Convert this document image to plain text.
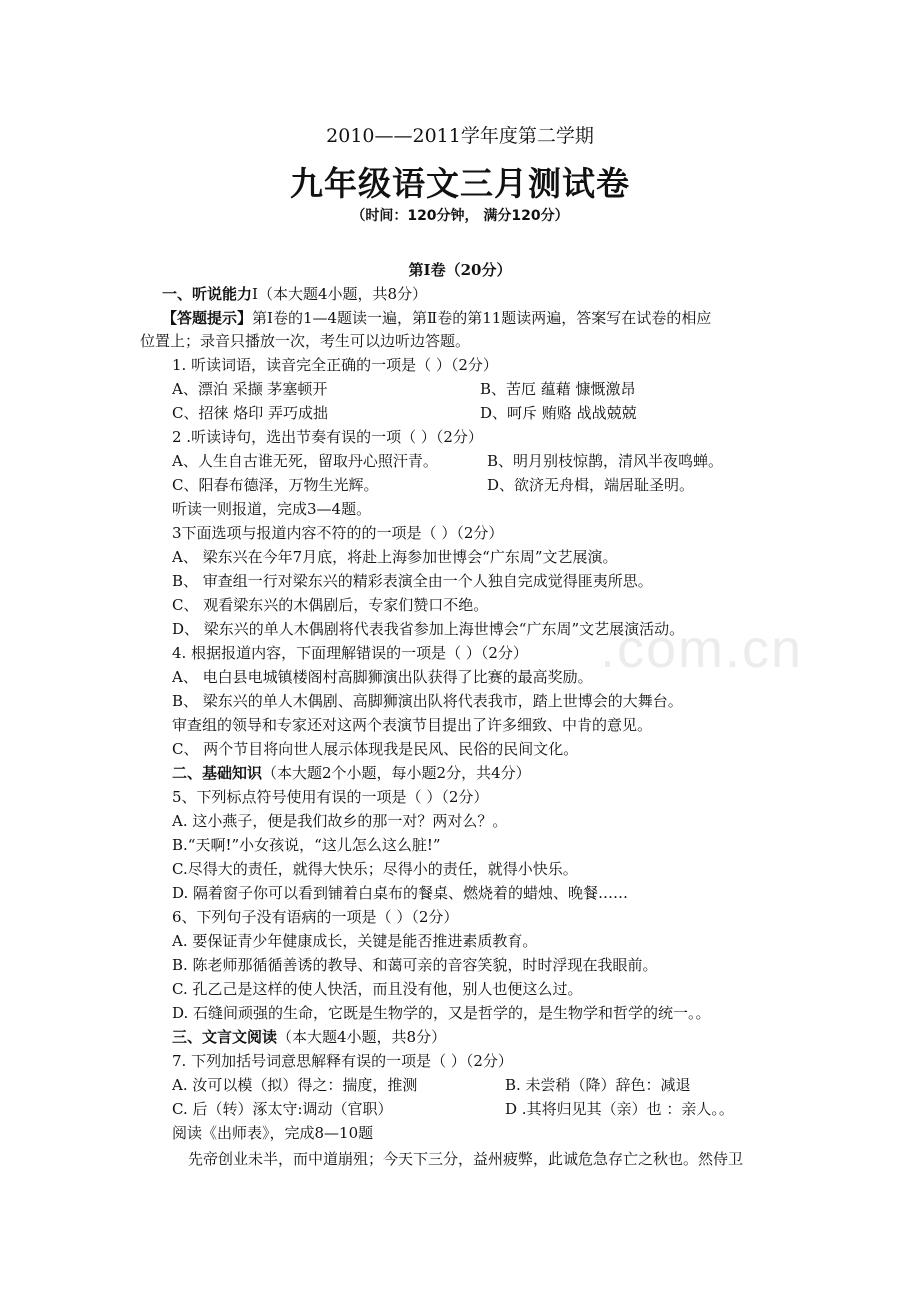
2010——2011学年度第二学期
九年级语文三月测试卷
（时间：120分钟， 满分120分）
第Ⅰ卷（20分）
.com.cn
一、听说能力Ⅰ（本大题4小题，共8分）
【答题提示】第Ⅰ卷的1—4题读一遍，第Ⅱ卷的第11题读两遍，答案写在试卷的相应
位置上；录音只播放一次，考生可以边听边答题。
1. 听读词语，读音完全正确的一项是（ ）（2分）
A、漂泊 采撷 茅塞顿开	B、苦厄 蕴藉 慷慨激昂
C、招徕 烙印 弄巧成拙	D、呵斥 贿赂 战战兢兢
2 .听读诗句，选出节奏有误的一项（ ）（2分）
A、人生自古谁无死，留取丹心照汗青。	B、明月别枝惊鹊，清风半夜鸣蝉。
C、阳春布德泽，万物生光辉。	D、欲济无舟楫，端居耻圣明。
听读一则报道，完成3—4题。
3下面选项与报道内容不符的的一项是（ ）（2分）
A、 梁东兴在今年7月底，将赴上海参加世博会“广东周”文艺展演。
B、 审查组一行对梁东兴的精彩表演全由一个人独自完成觉得匪夷所思。
C、 观看梁东兴的木偶剧后，专家们赞口不绝。
D、 梁东兴的单人木偶剧将代表我省参加上海世博会“广东周”文艺展演活动。
4. 根据报道内容，下面理解错误的一项是（ ）（2分）
A、 电白县电城镇楼阁村高脚狮演出队获得了比赛的最高奖励。
B、 梁东兴的单人木偶剧、高脚狮演出队将代表我市，踏上世博会的大舞台。
审查组的领导和专家还对这两个表演节目提出了许多细致、中肯的意见。
C、 两个节目将向世人展示体现我是民风、民俗的民间文化。
二、基础知识（本大题2个小题，每小题2分，共4分）
5、下列标点符号使用有误的一项是（ ）（2分）
A. 这小燕子，便是我们故乡的那一对？两对么？。
B.“天啊!”小女孩说，“这儿怎么这么脏!”
C.尽得大的责任，就得大快乐；尽得小的责任，就得小快乐。
D. 隔着窗子你可以看到铺着白桌布的餐桌、燃烧着的蜡烛、晚餐……
6、下列句子没有语病的一项是（ ）（2分）
A. 要保证青少年健康成长，关键是能否推进素质教育。
B. 陈老师那循循善诱的教导、和蔼可亲的音容笑貌，时时浮现在我眼前。
C. 孔乙己是这样的使人快活，而且没有他，别人也便这么过。
D. 石缝间顽强的生命，它既是生物学的，又是哲学的，是生物学和哲学的统一。。
三、文言文阅读（本大题4小题，共8分）
7. 下列加括号词意思解释有误的一项是（ ）（2分）
A. 汝可以模（拟）得之：揣度，推测	B. 未尝稍（降）辞色：减退
C. 后（转）涿太守:调动（官职）	D .其将归见其（亲）也 ：亲人。。
阅读《出师表》，完成8—10题
先帝创业未半，而中道崩殂；今天下三分，益州疲弊，此诚危急存亡之秋也。然侍卫
